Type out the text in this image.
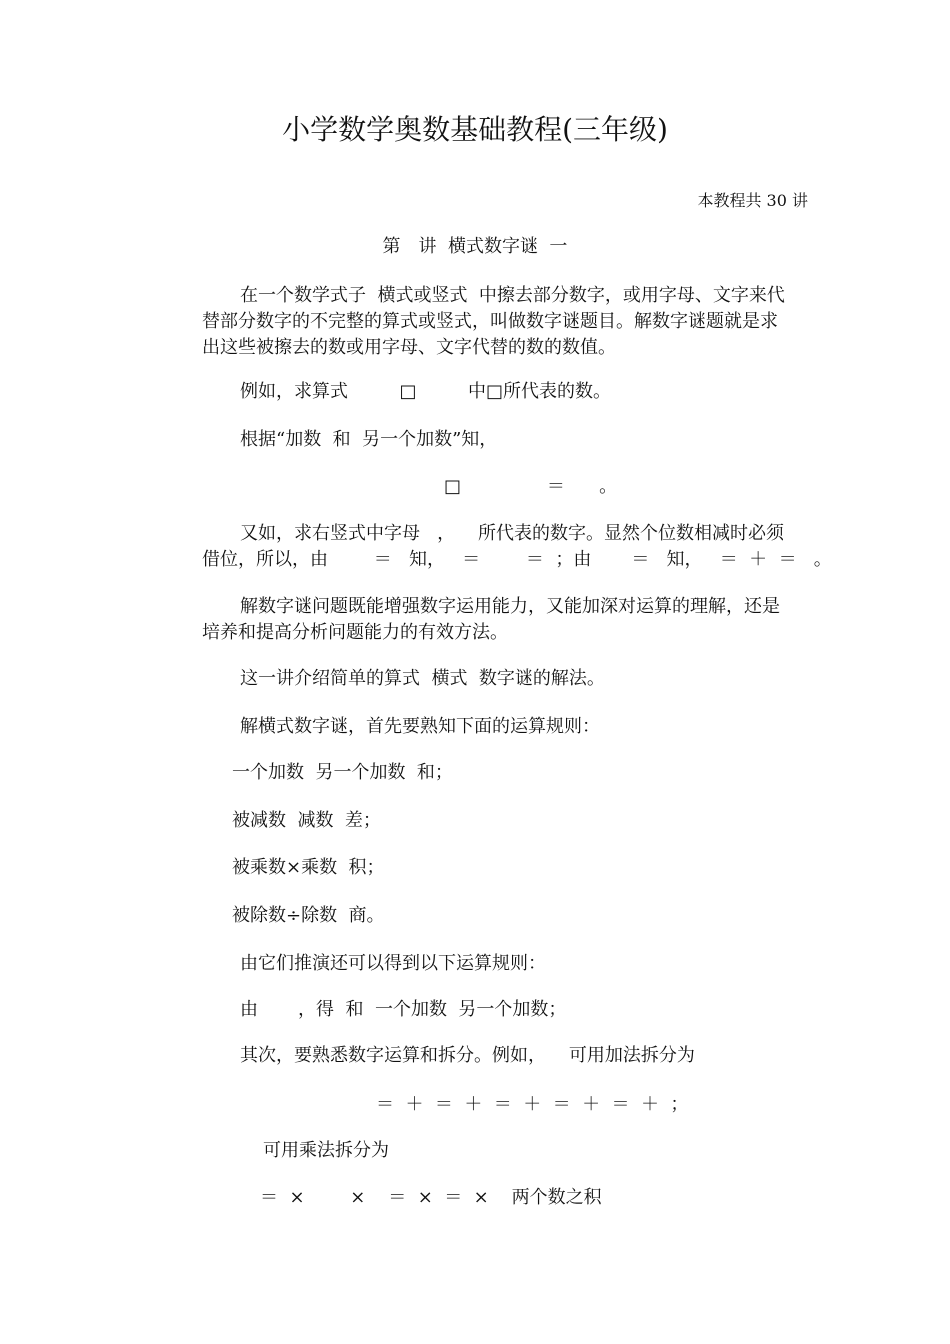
小学数学奥数基础教程(三年级)
本教程共 30 讲
第　讲  横式数字谜  一
在一个数学式子  横式或竖式  中擦去部分数字，或用字母、文字来代
替部分数字的不完整的算式或竖式，叫做数字谜题目。解数字谜题就是求
出这些被擦去的数或用字母、文字代替的数的数值。
例如，求算式         □         中□所代表的数。
根据“加数  和  另一个加数”知，
□               ＝      。
又如，求右竖式中字母   ，    所代表的数字。显然个位数相减时必须
借位，所以，由        ＝   知，   ＝        ＝  ；由       ＝   知，   ＝  ＋  ＝   。
解数字谜问题既能增强数字运用能力，又能加深对运算的理解，还是
培养和提高分析问题能力的有效方法。
这一讲介绍简单的算式  横式  数字谜的解法。
解横式数字谜，首先要熟知下面的运算规则：
一个加数  另一个加数  和；
被减数  减数  差；
被乘数×乘数  积；
被除数÷除数  商。
由它们推演还可以得到以下运算规则：
由       ，得  和  一个加数  另一个加数；
其次，要熟悉数字运算和拆分。例如，    可用加法拆分为
＝  ＋  ＝  ＋  ＝  ＋  ＝  ＋  ＝  ＋  ；
可用乘法拆分为
＝  ×        ×    ＝  ×  ＝  ×    两个数之积
